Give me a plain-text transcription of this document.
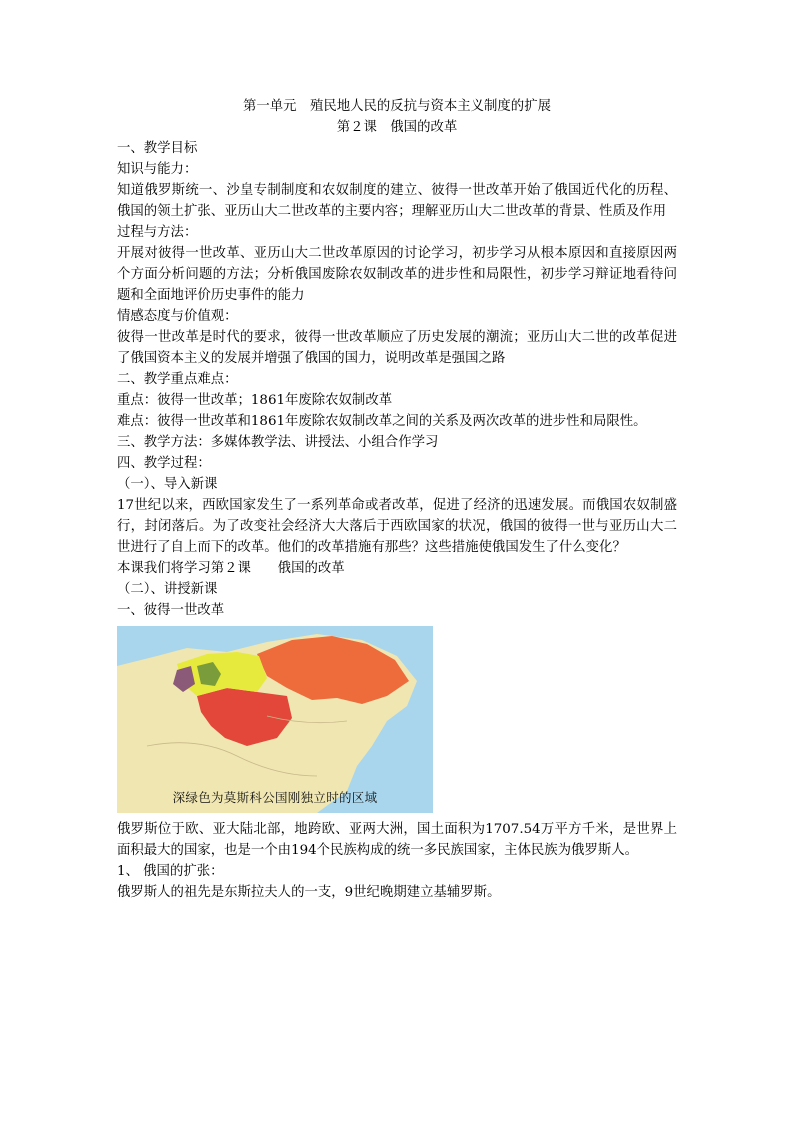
第一单元　殖民地人民的反抗与资本主义制度的扩展
第２课　俄国的改革
一、教学目标
知识与能力：
知道俄罗斯统一、沙皇专制制度和农奴制度的建立、彼得一世改革开始了俄国近代化的历程、俄国的领土扩张、亚历山大二世改革的主要内容；理解亚历山大二世改革的背景、性质及作用
过程与方法：
开展对彼得一世改革、亚历山大二世改革原因的讨论学习，初步学习从根本原因和直接原因两个方面分析问题的方法；分析俄国废除农奴制改革的进步性和局限性，初步学习辩证地看待问题和全面地评价历史事件的能力
情感态度与价值观：
彼得一世改革是时代的要求，彼得一世改革顺应了历史发展的潮流；亚历山大二世的改革促进了俄国资本主义的发展并增强了俄国的国力，说明改革是强国之路
二、教学重点难点：
重点：彼得一世改革；1861年废除农奴制改革
难点：彼得一世改革和1861年废除农奴制改革之间的关系及两次改革的进步性和局限性。
三、教学方法：多媒体教学法、讲授法、小组合作学习
四、教学过程：
（一）、导入新课
17世纪以来，西欧国家发生了一系列革命或者改革，促进了经济的迅速发展。而俄国农奴制盛行，封闭落后。为了改变社会经济大大落后于西欧国家的状况，俄国的彼得一世与亚历山大二世进行了自上而下的改革。他们的改革措施有那些？这些措施使俄国发生了什么变化？
本课我们将学习第２课　　俄国的改革
（二）、讲授新课
一、彼得一世改革
深绿色为莫斯科公国刚独立时的区域
俄罗斯位于欧、亚大陆北部，地跨欧、亚两大洲，国土面积为1707.54万平方千米，是世界上面积最大的国家，也是一个由194个民族构成的统一多民族国家，主体民族为俄罗斯人。
1、 俄国的扩张：
俄罗斯人的祖先是东斯拉夫人的一支，9世纪晚期建立基辅罗斯。
